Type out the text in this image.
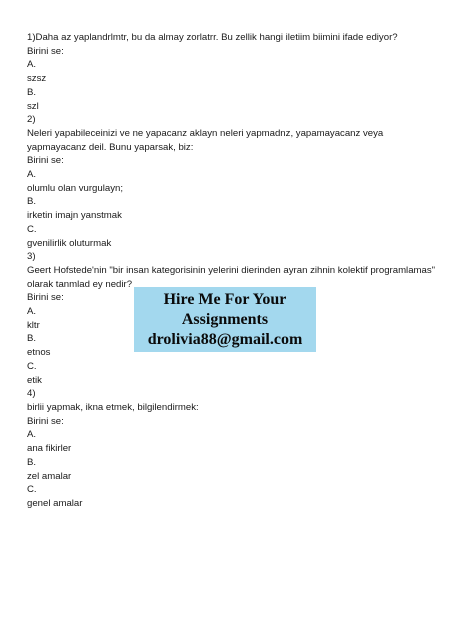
1)Daha az yaplandrlmtr, bu da almay zorlatrr. Bu zellik hangi iletiim biimini ifade ediyor?
Birini se:
A.
szsz
B.
szl
2)
Neleri yapabileceinizi ve ne yapacanz aklayn neleri yapmadnz, yapamayacanz veya
yapmayacanz deil. Bunu yaparsak, biz:
Birini se:
A.
olumlu olan vurgulayn;
B.
irketin imajn yanstmak
C.
gvenilirlik oluturmak
3)
Geert Hofstede'nin "bir insan kategorisinin yelerini dierinden ayran zihnin kolektif programlamas"
olarak tanmlad ey nedir?
Birini se:
A.
kltr
B.
etnos
C.
etik
4)
birlii yapmak, ikna etmek, bilgilendirmek:
Birini se:
A.
ana fikirler
B.
zel amalar
C.
genel amalar
Hire Me For Your
Assignments
drolivia88@gmail.com
